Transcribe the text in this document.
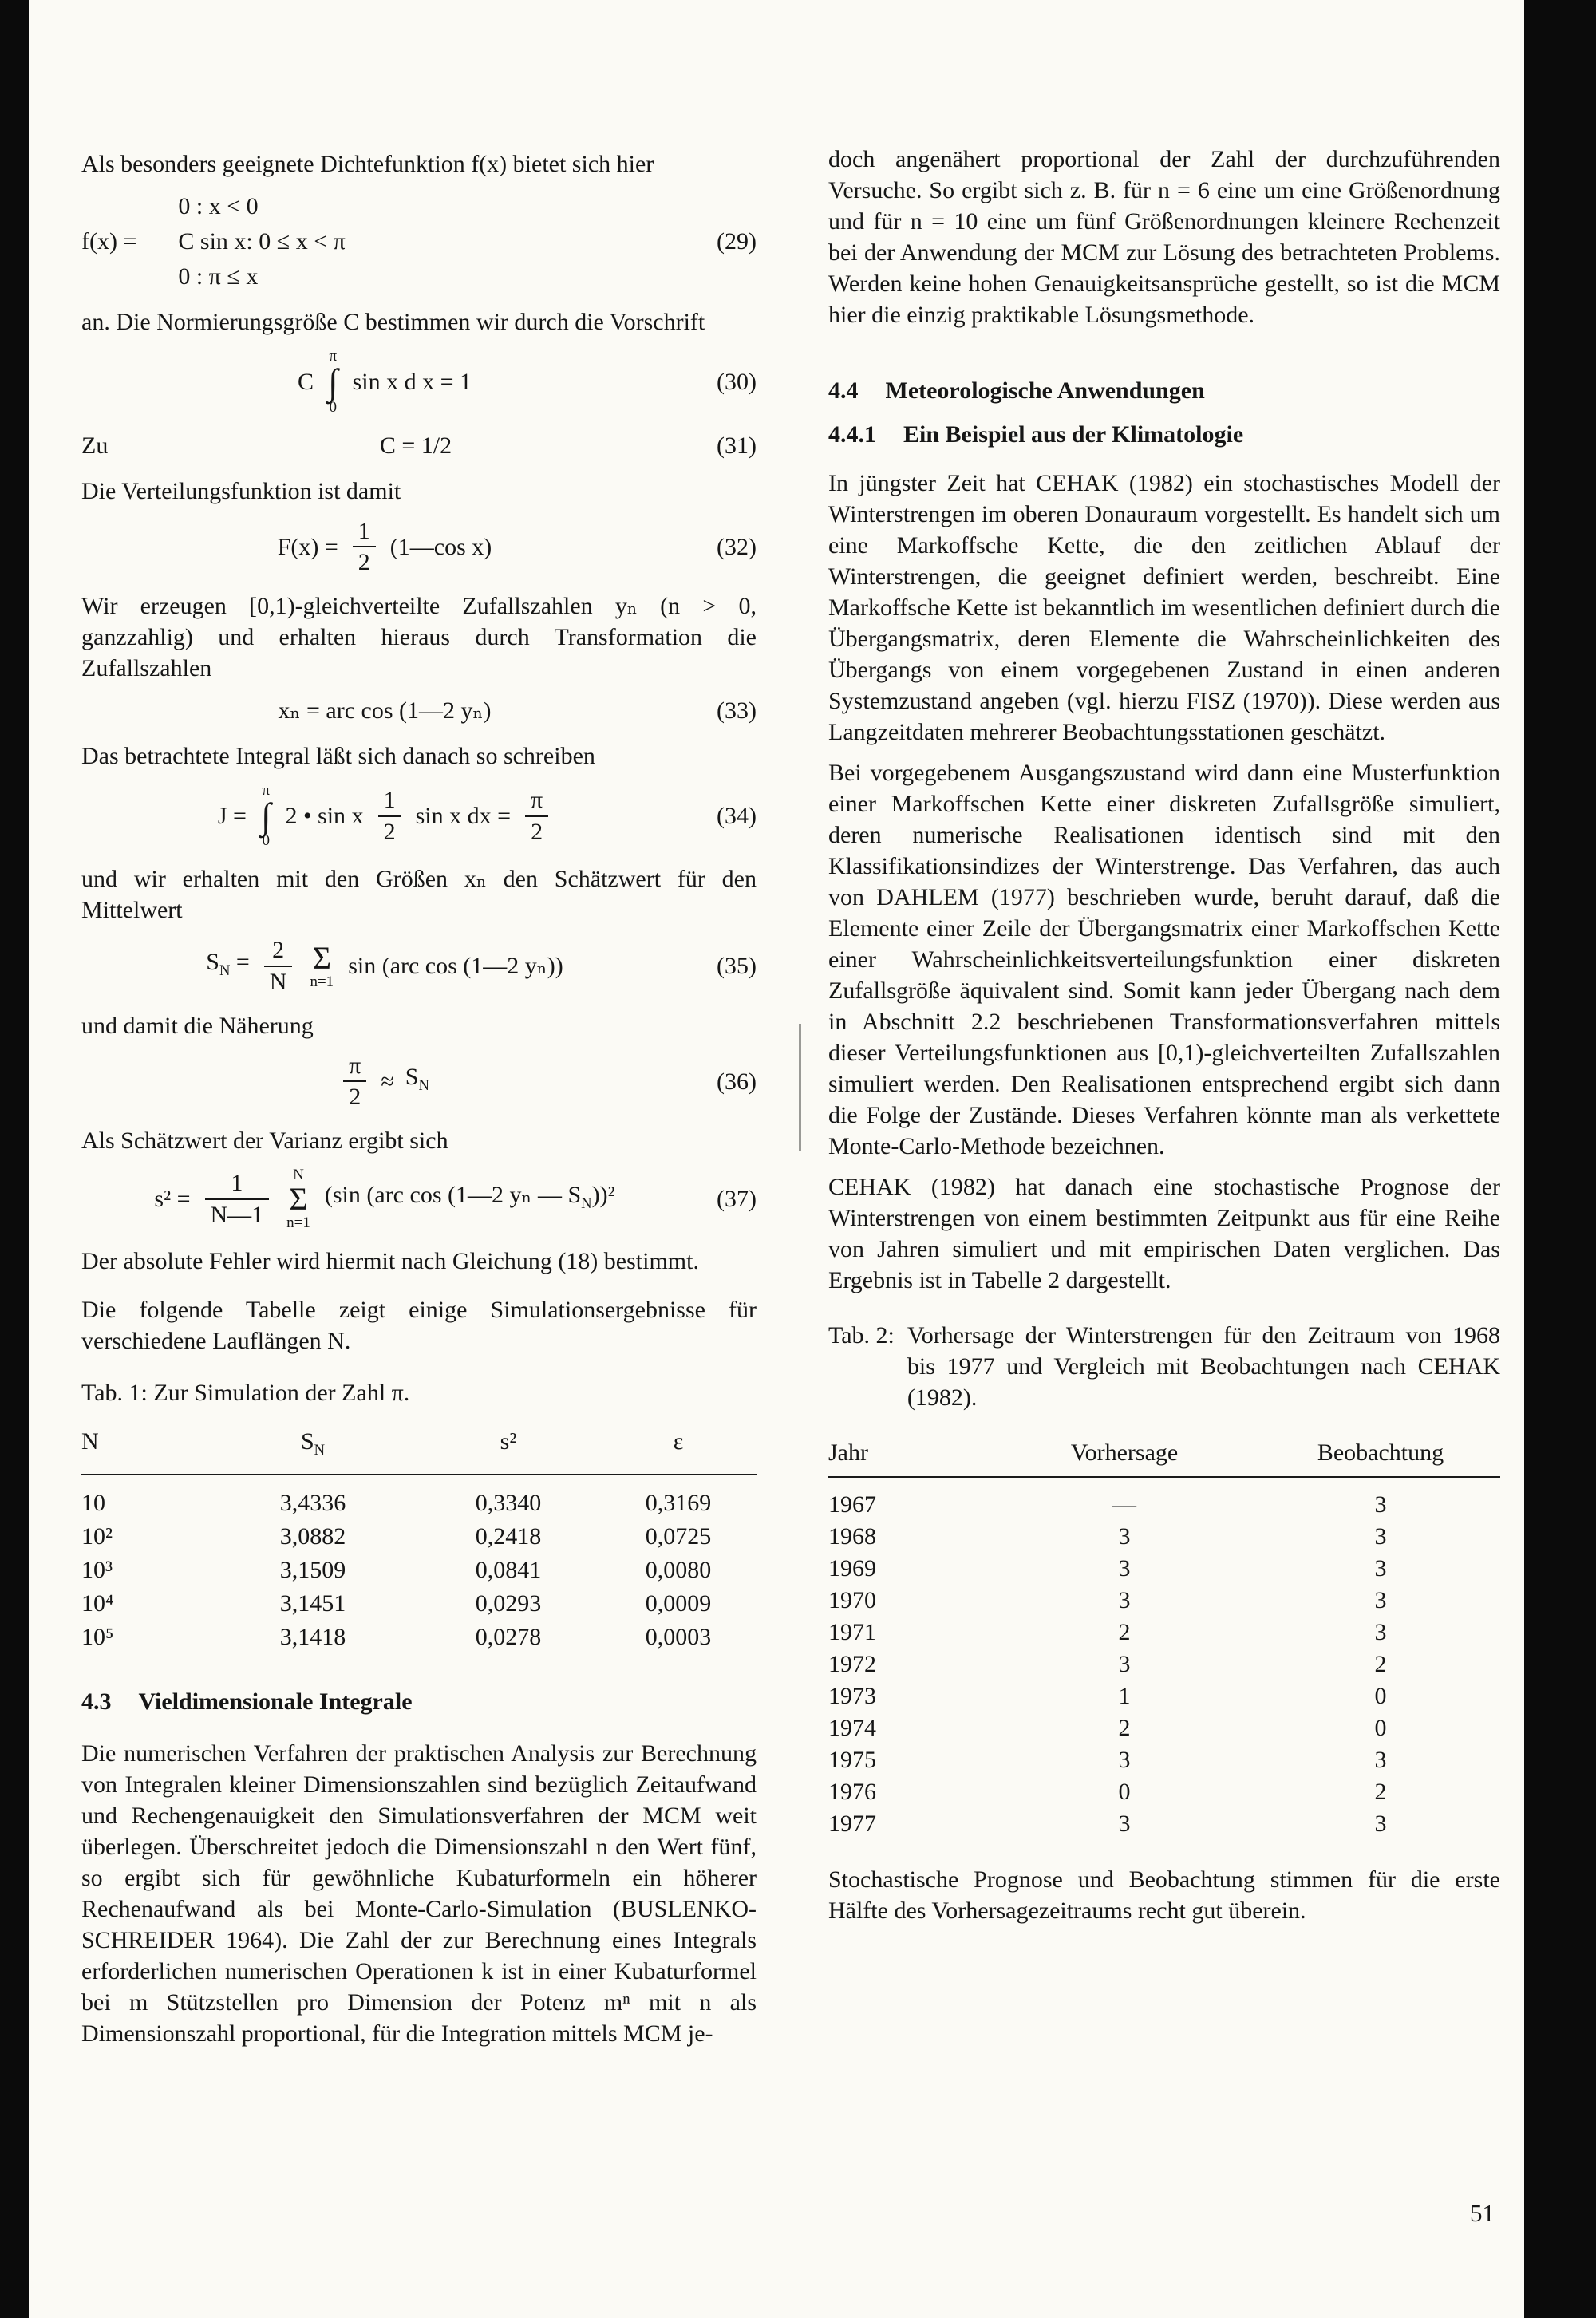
Als besonders geeignete Dichtefunktion f(x) bietet sich hier

f(x) =
0 : x < 0
C sin x: 0 ≤ x < π
0 : π ≤ x
(29)

an. Die Normierungsgröße C bestimmen wir durch die Vorschrift

C
π
∫
0
sin x d x = 1	(30)
Zu	C = 1/2	(31)

Die Verteilungsfunktion ist damit

$F(x) = \frac{1}{2}$ (1—cos x)	(32)

Wir erzeugen [0,1)-gleichverteilte Zufallszahlen yₙ (n > 0, ganzzahlig) und erhalten hieraus durch Transformation die Zufallszahlen

xₙ = arc cos (1—2 yₙ)	(33)

Das betrachtete Integral läßt sich danach so schreiben

J =
π
∫
0
2 • sin x $\frac{1}{2}$ sin x dx = $\frac{\pi}{2}$	(34)

und wir erhalten mit den Größen xₙ den Schätzwert für den Mittelwert

$S_N = \frac{2}{N}$ Σ
n=1
sin (arc cos (1—2 yₙ))	(35)

und damit die Näherung

$\frac{\pi}{2} \approx S_N$	(36)

Als Schätzwert der Varianz ergibt sich

$s^2 = \frac{1}{N—1}$ N
Σ
n=1
(sin (arc cos (1—2 yₙ — $S_N))^2$	(37)

Der absolute Fehler wird hiermit nach Gleichung (18) bestimmt.

Die folgende Tabelle zeigt einige Simulationsergebnisse für verschiedene Lauflängen N.

Tab. 1: Zur Simulation der Zahl π.
N	$S_N$	s²	ε
10	3,4336	0,3340	0,3169
10²	3,0882	0,2418	0,0725
10³	3,1509	0,0841	0,0080
10⁴	3,1451	0,0293	0,0009
10⁵	3,1418	0,0278	0,0003
4.3 Vieldimensionale Integrale

Die numerischen Verfahren der praktischen Analysis zur Berechnung von Integralen kleiner Dimensionszahlen sind bezüglich Zeitaufwand und Rechengenauigkeit den Simulationsverfahren der MCM weit überlegen. Überschreitet jedoch die Dimensionszahl n den Wert fünf, so ergibt sich für gewöhnliche Kubaturformeln ein höherer Rechenaufwand als bei Monte-Carlo-Simulation (BUSLENKO-SCHREIDER 1964). Die Zahl der zur Berechnung eines Integrals erforderlichen numerischen Operationen k ist in einer Kubaturformel bei m Stützstellen pro Dimension der Potenz mⁿ mit n als Dimensionszahl proportional, für die Integration mittels MCM je-

doch angenähert proportional der Zahl der durchzuführenden Versuche. So ergibt sich z. B. für n = 6 eine um eine Größenordnung und für n = 10 eine um fünf Größenordnungen kleinere Rechenzeit bei der Anwendung der MCM zur Lösung des betrachteten Problems. Werden keine hohen Genauigkeitsansprüche gestellt, so ist die MCM hier die einzig praktikable Lösungsmethode.

4.4 Meteorologische Anwendungen
4.4.1 Ein Beispiel aus der Klimatologie

In jüngster Zeit hat CEHAK (1982) ein stochastisches Modell der Winterstrengen im oberen Donauraum vorgestellt. Es handelt sich um eine Markoffsche Kette, die den zeitlichen Ablauf der Winterstrengen, die geeignet definiert werden, beschreibt. Eine Markoffsche Kette ist bekanntlich im wesentlichen definiert durch die Übergangsmatrix, deren Elemente die Wahrscheinlichkeiten des Übergangs von einem vorgegebenen Zustand in einen anderen Systemzustand angeben (vgl. hierzu FISZ (1970)). Diese werden aus Langzeitdaten mehrerer Beobachtungsstationen geschätzt.

Bei vorgegebenem Ausgangszustand wird dann eine Musterfunktion einer Markoffschen Kette einer diskreten Zufallsgröße simuliert, deren numerische Realisationen identisch sind mit den Klassifikationsindizes der Winterstrenge. Das Verfahren, das auch von DAHLEM (1977) beschrieben wurde, beruht darauf, daß die Elemente einer Zeile der Übergangsmatrix einer Markoffschen Kette einer Wahrscheinlichkeitsverteilungsfunktion einer diskreten Zufallsgröße äquivalent sind. Somit kann jeder Übergang nach dem in Abschnitt 2.2 beschriebenen Transformationsverfahren mittels dieser Verteilungsfunktionen aus [0,1)-gleichverteilten Zufallszahlen simuliert werden. Den Realisationen entsprechend ergibt sich dann die Folge der Zustände. Dieses Verfahren könnte man als verkettete Monte-Carlo-Methode bezeichnen.

CEHAK (1982) hat danach eine stochastische Prognose der Winterstrengen von einem bestimmten Zeitpunkt aus für eine Reihe von Jahren simuliert und mit empirischen Daten verglichen. Das Ergebnis ist in Tabelle 2 dargestellt.

Tab. 2: Vorhersage der Winterstrengen für den Zeitraum von 1968 bis 1977 und Vergleich mit Beobachtungen nach CEHAK (1982).
Jahr	Vorhersage	Beobachtung
1967	—	3
1968	3	3
1969	3	3
1970	3	3
1971	2	3
1972	3	2
1973	1	0
1974	2	0
1975	3	3
1976	0	2
1977	3	3

Stochastische Prognose und Beobachtung stimmen für die erste Hälfte des Vorhersagezeitraums recht gut überein.

51
